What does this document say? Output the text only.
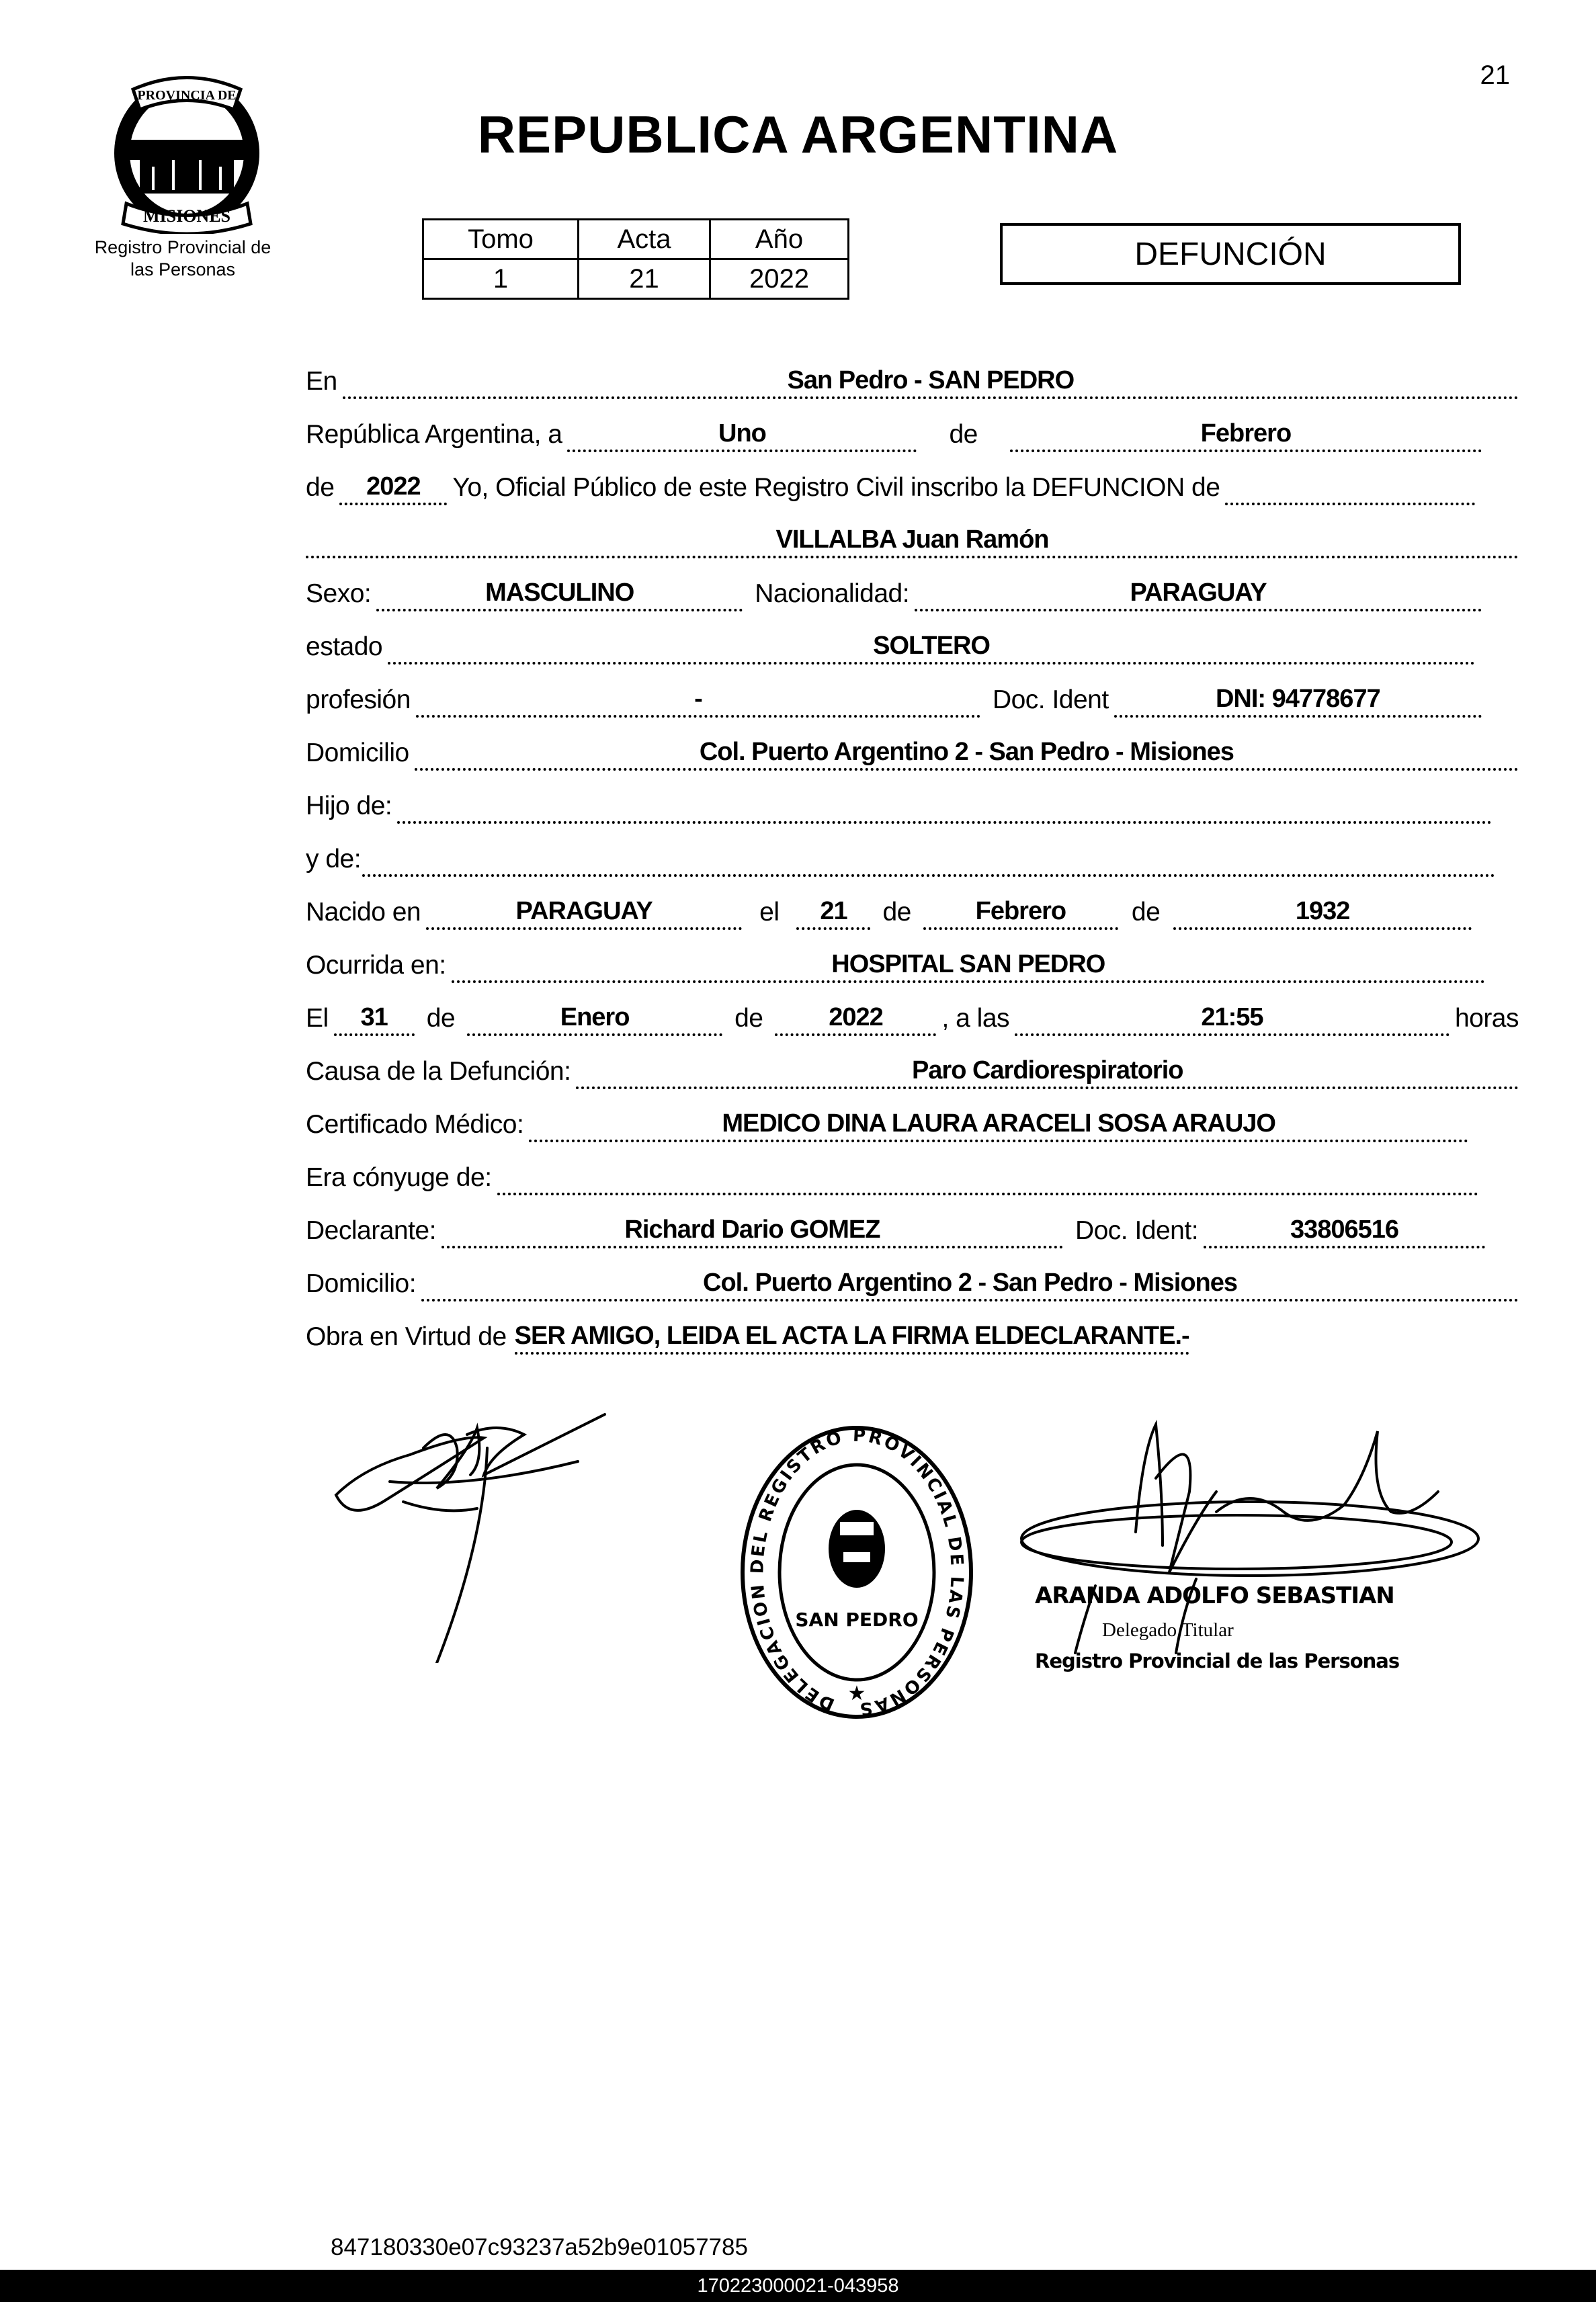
21
PROVINCIA DE
MISIONES
Registro Provincial de
las Personas
REPUBLICA ARGENTINA
Tomo	Acta	Año
1	21	2022
DEFUNCIÓN
En	San Pedro - SAN PEDRO
República Argentina, a	Uno	de	Febrero
de	2022	Yo, Oficial Público de este Registro Civil inscribo la DEFUNCION de
VILLALBA Juan Ramón
Sexo:	MASCULINO	Nacionalidad:	PARAGUAY
estado	SOLTERO
profesión	-	Doc. Ident	DNI: 94778677
Domicilio	Col. Puerto Argentino 2 - San Pedro - Misiones
Hijo de:
y de:
Nacido en	PARAGUAY	el	21	de	Febrero	de	1932
Ocurrida en:	HOSPITAL SAN PEDRO
El	31	de	Enero	de	2022	, a las	21:55	horas
Causa de la Defunción:	Paro Cardiorespiratorio
Certificado Médico:	MEDICO DINA LAURA ARACELI SOSA ARAUJO
Era cónyuge de:
Declarante:	Richard Dario GOMEZ	Doc. Ident:	33806516
Domicilio:	Col. Puerto Argentino 2 - San Pedro - Misiones
Obra en Virtud de SER AMIGO, LEIDA EL ACTA LA FIRMA ELDECLARANTE.-
DELEGACION DEL REGISTRO PROVINCIAL DE LAS PERSONAS
SAN PEDRO
★
ARANDA ADOLFO SEBASTIAN
Delegado Titular
Registro Provincial de las Personas
847180330e07c93237a52b9e01057785
170223000021-043958
